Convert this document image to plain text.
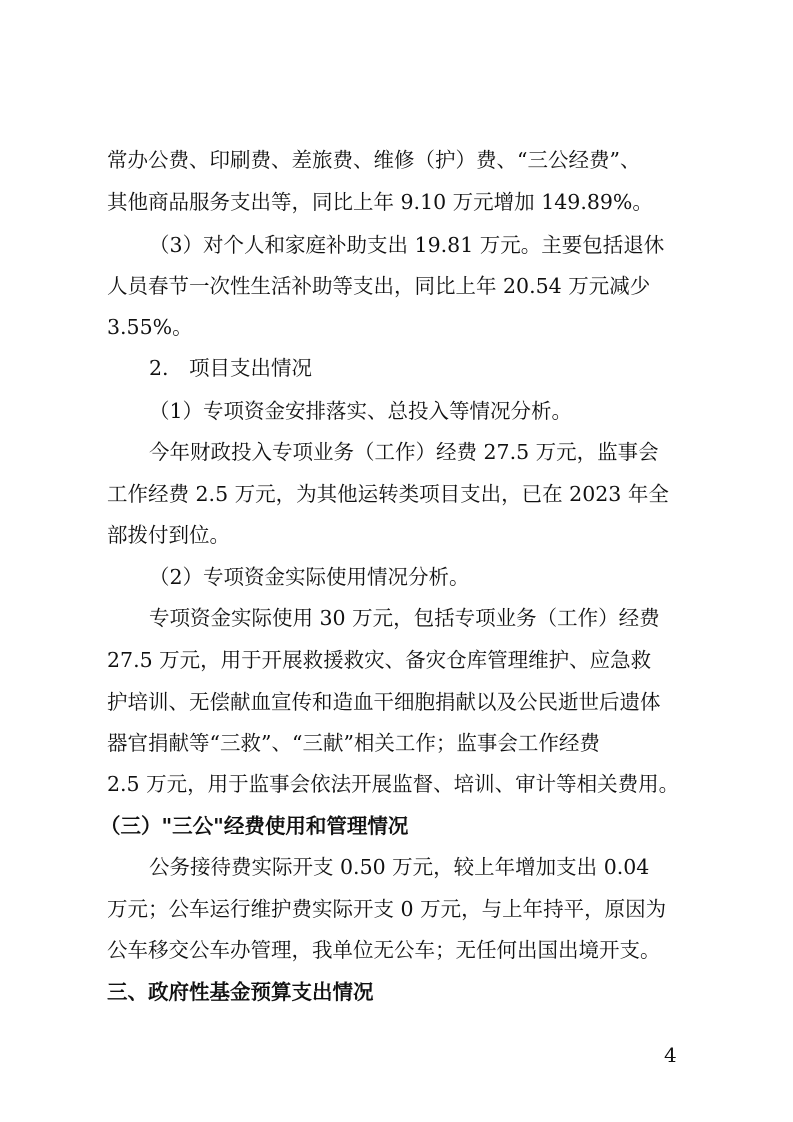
常办公费、印刷费、差旅费、维修（护）费、“三公经费”、
其他商品服务支出等，同比上年 9.10 万元增加 149.89%。
（3）对个人和家庭补助支出 19.81 万元。主要包括退休
人员春节一次性生活补助等支出，同比上年 20.54 万元减少
3.55%。
2.　项目支出情况
（1）专项资金安排落实、总投入等情况分析。
今年财政投入专项业务（工作）经费 27.5 万元，监事会
工作经费 2.5 万元，为其他运转类项目支出，已在 2023 年全
部拨付到位。
（2）专项资金实际使用情况分析。
专项资金实际使用 30 万元，包括专项业务（工作）经费
27.5 万元，用于开展救援救灾、备灾仓库管理维护、应急救
护培训、无偿献血宣传和造血干细胞捐献以及公民逝世后遗体
器官捐献等“三救”、“三献”相关工作；监事会工作经费
2.5 万元，用于监事会依法开展监督、培训、审计等相关费用。
（三）"三公"经费使用和管理情况
公务接待费实际开支 0.50 万元，较上年增加支出 0.04
万元；公车运行维护费实际开支 0 万元，与上年持平，原因为
公车移交公车办管理，我单位无公车；无任何出国出境开支。
三、政府性基金预算支出情况
4
